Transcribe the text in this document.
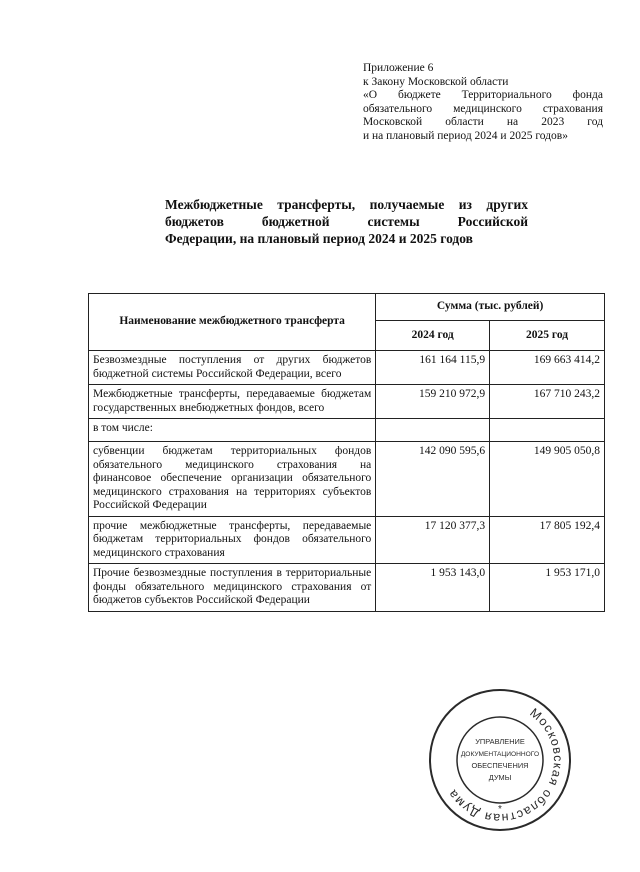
Приложение 6
к Закону Московской области
«О бюджете Территориального фонда
обязательного медицинского страхования
Московской области на 2023 год
и на плановый период 2024 и 2025 годов»
Межбюджетные трансферты, получаемые из других
бюджетов бюджетной системы Российской
Федерации, на плановый период 2024 и 2025 годов
Наименование межбюджетного трансферта	Сумма (тыс. рублей)	
	2024 год	2025 год
Безвозмездные поступления от других бюджетов бюджетной системы Российской Федерации, всего	161 164 115,9	169 663 414,2
Межбюджетные трансферты, передаваемые бюджетам государственных внебюджетных фондов, всего	159 210 972,9	167 710 243,2
в том числе:		
субвенции бюджетам территориальных фондов обязательного медицинского страхования на финансовое обеспечение организации обязательного медицинского страхования на территориях субъектов Российской Федерации	142 090 595,6	149 905 050,8
прочие межбюджетные трансферты, передаваемые бюджетам территориальных фондов обязательного медицинского страхования	17 120 377,3	17 805 192,4
Прочие безвозмездные поступления в территориальные фонды обязательного медицинского страхования от бюджетов субъектов Российской Федерации	1 953 143,0	1 953 171,0
Московская областная Дума
*
УПРАВЛЕНИЕ
ДОКУМЕНТАЦИОННОГО
ОБЕСПЕЧЕНИЯ
ДУМЫ
